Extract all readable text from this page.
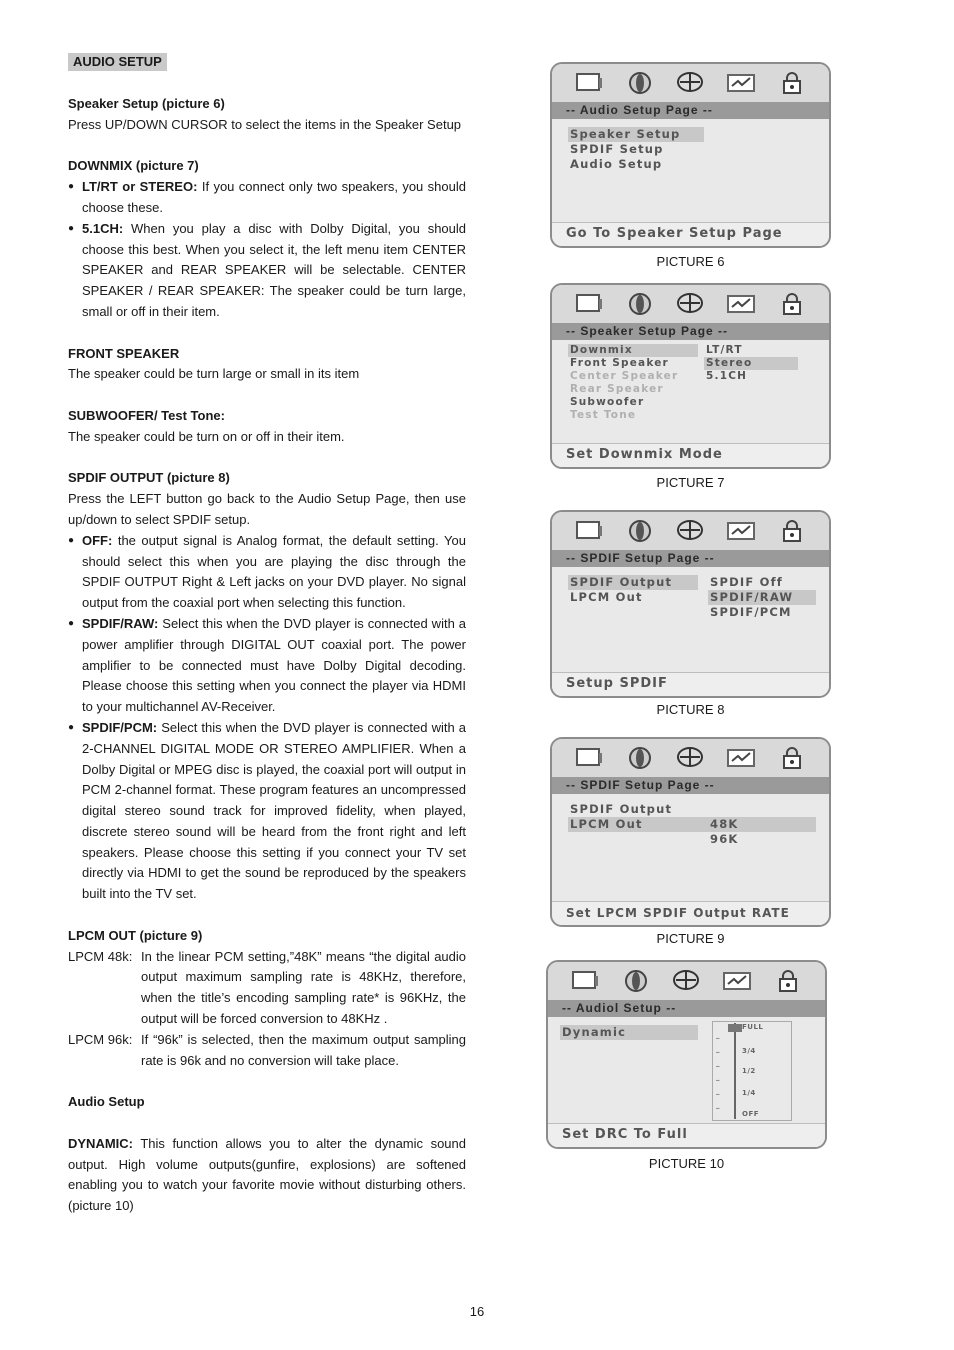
AUDIO SETUP
Speaker Setup (picture 6)
Press UP/DOWN CURSOR to select the items in the Speaker Setup
DOWNMIX (picture 7)
● LT/RT or STEREO: If you connect only two speakers, you should choose these.
● 5.1CH: When you play a disc with Dolby Digital, you should choose this best. When you select it, the left menu item CENTER SPEAKER and REAR SPEAKER will be selectable. CENTER SPEAKER / REAR SPEAKER: The speaker could be turn large, small or off in their item.
FRONT SPEAKER
The speaker could be turn large or small in its item
SUBWOOFER/ Test Tone:
The speaker could be turn on or off in their item.
SPDIF OUTPUT (picture 8)
Press the LEFT button go back to the Audio Setup Page, then use up/down to select SPDIF setup.
● OFF: the output signal is Analog format, the default setting. You should select this when you are playing the disc through the SPDIF OUTPUT Right & Left jacks on your DVD player. No signal output from the coaxial port when selecting this function.
● SPDIF/RAW: Select this when the DVD player is connected with a power amplifier through DIGITAL OUT coaxial port. The power amplifier to be connected must have Dolby Digital decoding. Please choose this setting when you connect the player via HDMI to your multichannel AV-Receiver.
● SPDIF/PCM: Select this when the DVD player is connected with a 2-CHANNEL DIGITAL MODE OR STEREO AMPLIFIER. When a Dolby Digital or MPEG disc is played, the coaxial port will output in PCM 2-channel format. These program features an uncompressed digital stereo sound track for improved fidelity, when played, discrete stereo sound will be heard from the front right and left speakers. Please choose this setting if you connect your TV set directly via HDMI to get the sound be reproduced by the speakers built into the TV set.
LPCM OUT (picture 9)
LPCM 48k: In the linear PCM setting,”48K” means “the digital audio output maximum sampling rate is 48KHz, therefore, when the title’s encoding sampling rate* is 96KHz, the output will be forced conversion to 48KHz .
LPCM 96k: If “96k” is selected, then the maximum output sampling rate is 96k and no conversion will take place.
Audio Setup
DYNAMIC: This function allows you to alter the dynamic sound output. High volume outputs(gunfire, explosions) are softened enabling you to watch your favorite movie without disturbing others. (picture 10)
-- Audio Setup Page --
Speaker Setup
SPDIF Setup
Audio Setup
Go To Speaker Setup Page
PICTURE 6
-- Speaker Setup Page --
Downmix
Front Speaker
Center Speaker
Rear Speaker
Subwoofer
Test Tone
LT/RT
Stereo
5.1CH
Set Downmix Mode
PICTURE 7
-- SPDIF Setup Page --
SPDIF Output
LPCM Out
SPDIF Off
SPDIF/RAW
SPDIF/PCM
Setup SPDIF
PICTURE 8
-- SPDIF Setup Page --
SPDIF Output
LPCM Out	48K
96K
Set LPCM SPDIF Output RATE
PICTURE 9
-- Audiol Setup --
Dynamic	_
_
_
_
_
_
FULL
3/4
1/2
1/4
OFF
Set DRC To Full
PICTURE 10
16
